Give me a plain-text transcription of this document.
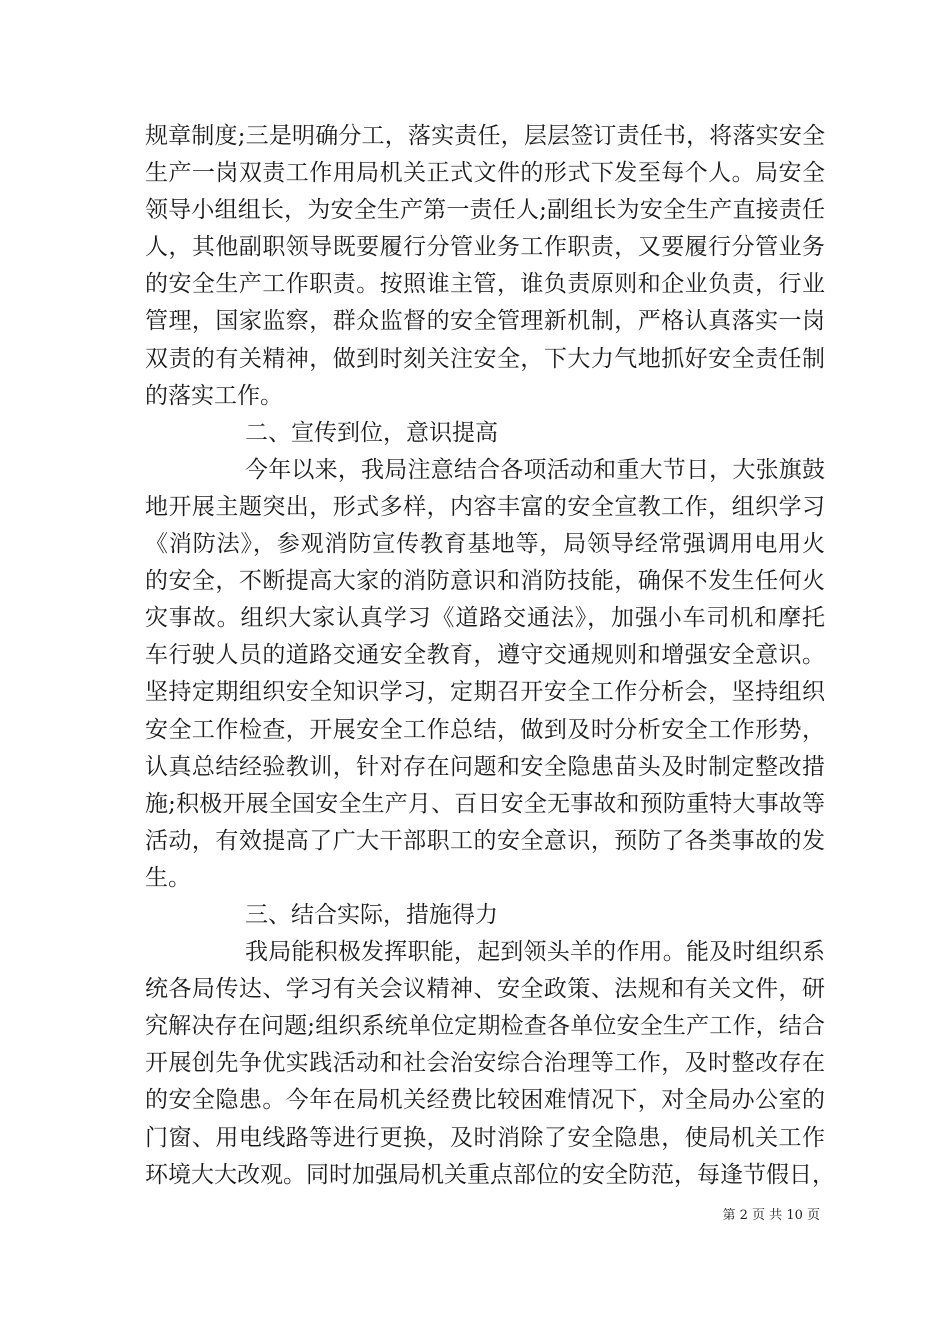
规章制度;三是明确分工，落实责任，层层签订责任书，将落实安全
生产一岗双责工作用局机关正式文件的形式下发至每个人。局安全
领导小组组长，为安全生产第一责任人;副组长为安全生产直接责任
人，其他副职领导既要履行分管业务工作职责，又要履行分管业务
的安全生产工作职责。按照谁主管，谁负责原则和企业负责，行业
管理，国家监察，群众监督的安全管理新机制，严格认真落实一岗
双责的有关精神，做到时刻关注安全，下大力气地抓好安全责任制
的落实工作。
二、宣传到位，意识提高
今年以来，我局注意结合各项活动和重大节日，大张旗鼓
地开展主题突出，形式多样，内容丰富的安全宣教工作，组织学习
《消防法》，参观消防宣传教育基地等，局领导经常强调用电用火
的安全，不断提高大家的消防意识和消防技能，确保不发生任何火
灾事故。组织大家认真学习《道路交通法》，加强小车司机和摩托
车行驶人员的道路交通安全教育，遵守交通规则和增强安全意识。
坚持定期组织安全知识学习，定期召开安全工作分析会，坚持组织
安全工作检查，开展安全工作总结，做到及时分析安全工作形势，
认真总结经验教训，针对存在问题和安全隐患苗头及时制定整改措
施;积极开展全国安全生产月、百日安全无事故和预防重特大事故等
活动，有效提高了广大干部职工的安全意识，预防了各类事故的发
生。
三、结合实际，措施得力
我局能积极发挥职能，起到领头羊的作用。能及时组织系
统各局传达、学习有关会议精神、安全政策、法规和有关文件，研
究解决存在问题;组织系统单位定期检查各单位安全生产工作，结合
开展创先争优实践活动和社会治安综合治理等工作，及时整改存在
的安全隐患。今年在局机关经费比较困难情况下，对全局办公室的
门窗、用电线路等进行更换，及时消除了安全隐患，使局机关工作
环境大大改观。同时加强局机关重点部位的安全防范，每逢节假日，
第 2 页 共 10 页
